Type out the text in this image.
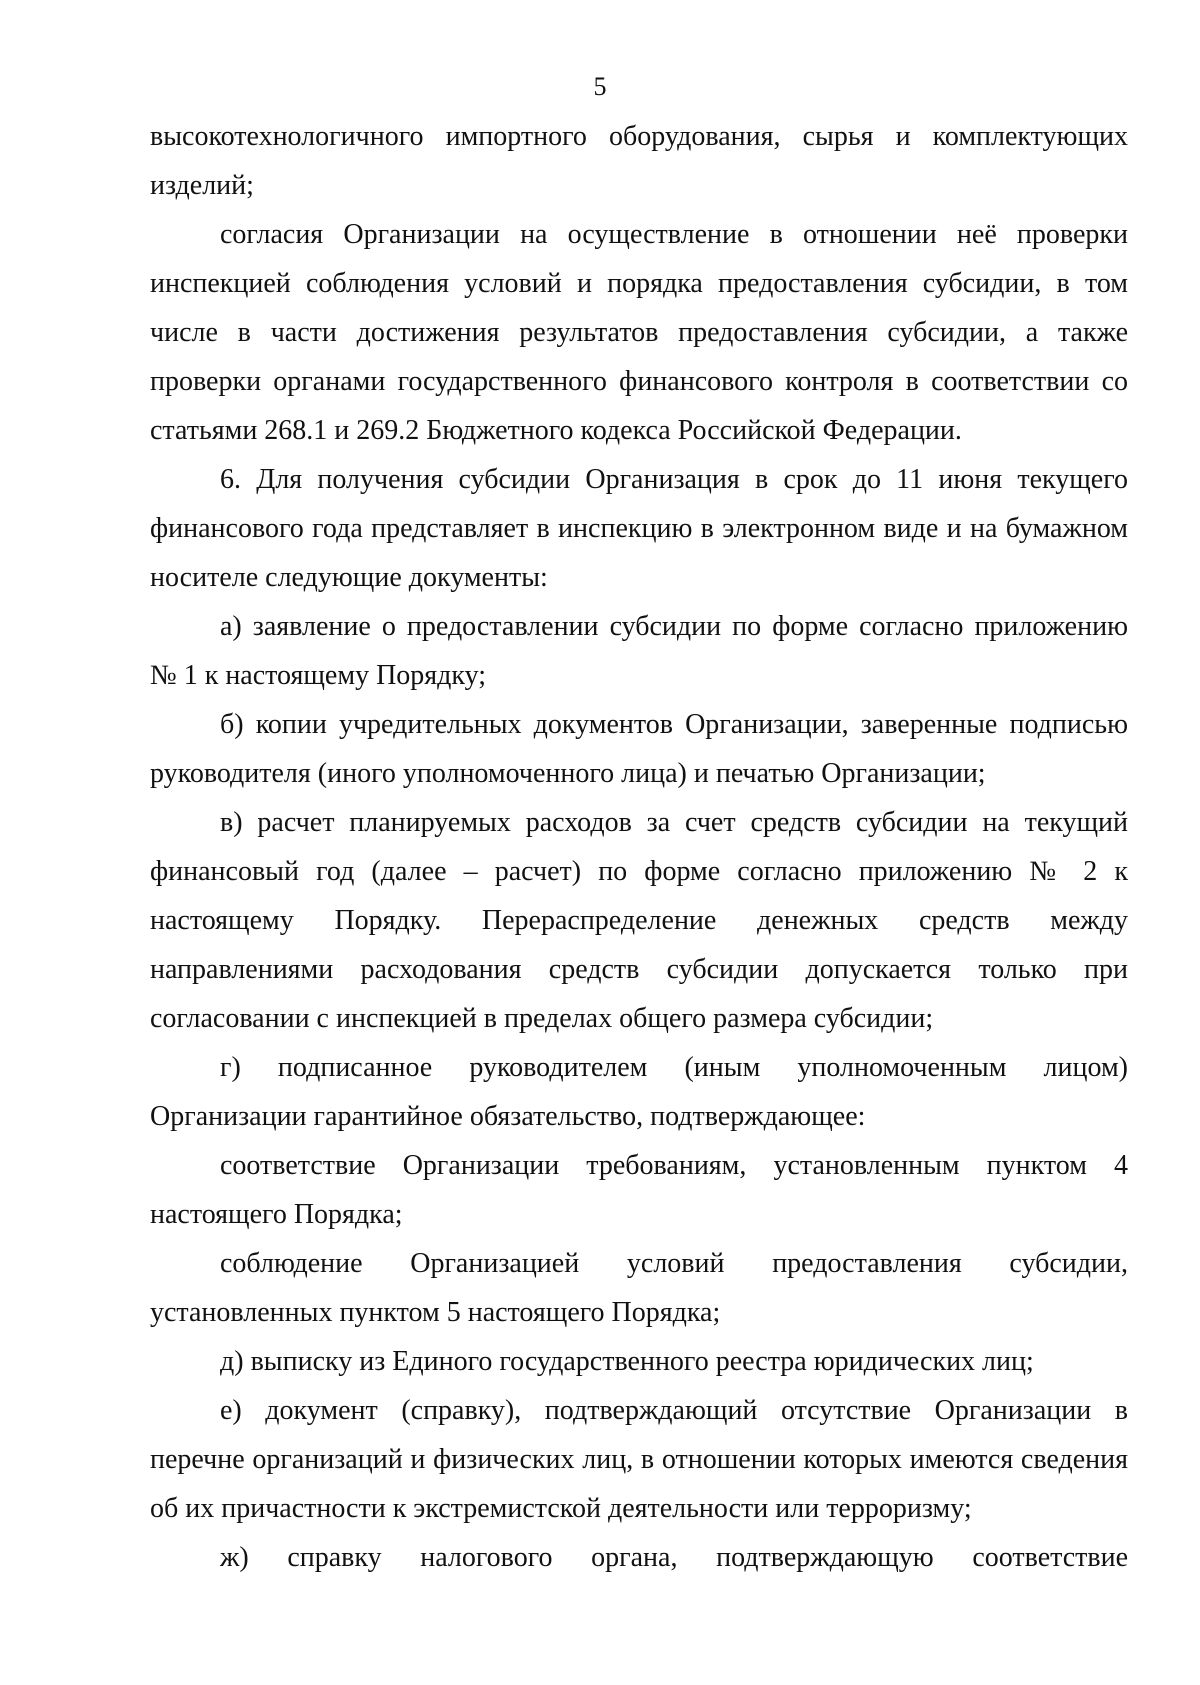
5

высокотехнологичного импортного оборудования, сырья и комплектующих изделий;

согласия Организации на осуществление в отношении неё проверки инспекцией соблюдения условий и порядка предоставления субсидии, в том числе в части достижения результатов предоставления субсидии, а также проверки органами государственного финансового контроля в соответствии со статьями 268.1 и 269.2 Бюджетного кодекса Российской Федерации.

6. Для получения субсидии Организация в срок до 11 июня текущего финансового года представляет в инспекцию в электронном виде и на бумажном носителе следующие документы:

а) заявление о предоставлении субсидии по форме согласно приложению № 1 к настоящему Порядку;

б) копии учредительных документов Организации, заверенные подписью руководителя (иного уполномоченного лица) и печатью Организации;

в) расчет планируемых расходов за счет средств субсидии на текущий финансовый год (далее – расчет) по форме согласно приложению № 2 к настоящему Порядку. Перераспределение денежных средств между направлениями расходования средств субсидии допускается только при согласовании с инспекцией в пределах общего размера субсидии;

г) подписанное руководителем (иным уполномоченным лицом) Организации гарантийное обязательство, подтверждающее:

соответствие Организации требованиям, установленным пунктом 4 настоящего Порядка;

соблюдение Организацией условий предоставления субсидии, установленных пунктом 5 настоящего Порядка;

д) выписку из Единого государственного реестра юридических лиц;

е) документ (справку), подтверждающий отсутствие Организации в перечне организаций и физических лиц, в отношении которых имеются сведения об их причастности к экстремистской деятельности или терроризму;

ж) справку налогового органа, подтверждающую соответствие
